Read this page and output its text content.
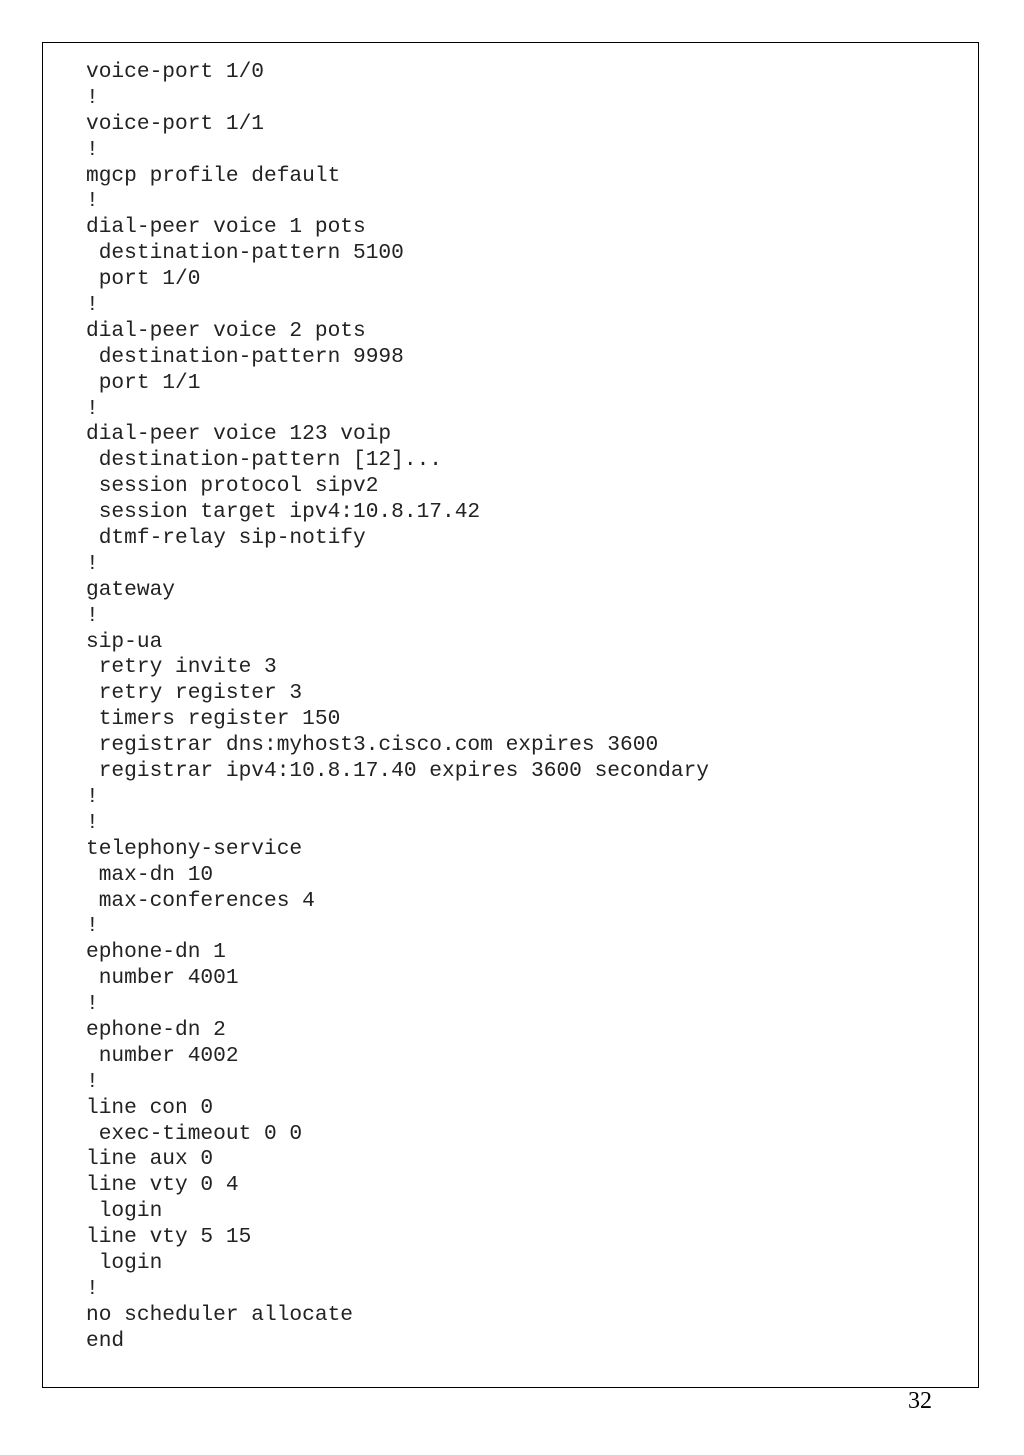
voice-port 1/0
!
voice-port 1/1
!
mgcp profile default
!
dial-peer voice 1 pots
destination-pattern 5100
port 1/0
!
dial-peer voice 2 pots
destination-pattern 9998
port 1/1
!
dial-peer voice 123 voip
destination-pattern [12]...
session protocol sipv2
session target ipv4:10.8.17.42
dtmf-relay sip-notify
!
gateway
!
sip-ua
retry invite 3
retry register 3
timers register 150
registrar dns:myhost3.cisco.com expires 3600
registrar ipv4:10.8.17.40 expires 3600 secondary
!
!
telephony-service
max-dn 10
max-conferences 4
!
ephone-dn 1
number 4001
!
ephone-dn 2
number 4002
!
line con 0
exec-timeout 0 0
line aux 0
line vty 0 4
login
line vty 5 15
login
!
no scheduler allocate
end
32
